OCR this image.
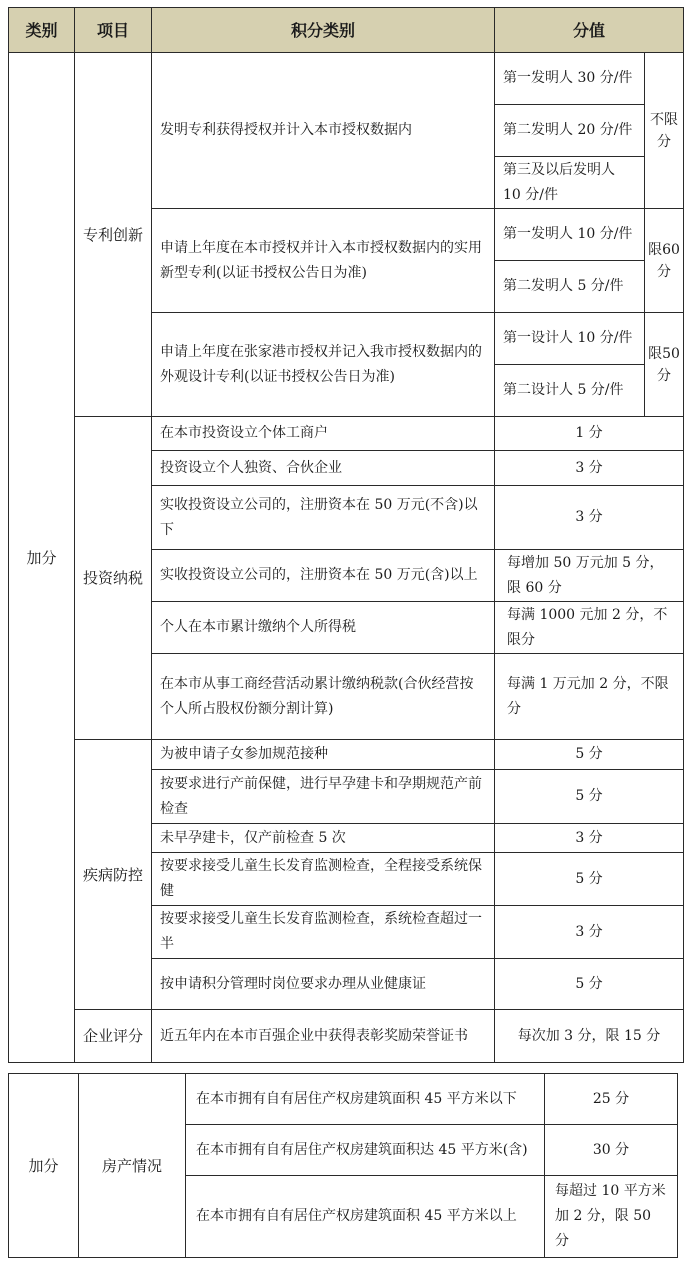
类别	项目	积分类别	分值	
加分	专利创新	发明专利获得授权并计入本市授权数据内	第一发明人 30 分/件	不限分

			第二发明人 20 分/件	
			第三及以后发明人 10 分/件	
		申请上年度在本市授权并计入本市授权数据内的实用新型专利(以证书授权公告日为准)	第一发明人 10 分/件	限60分

			第二发明人 5 分/件	
		申请上年度在张家港市授权并记入我市授权数据内的外观设计专利(以证书授权公告日为准)	第一设计人 10 分/件	限50分

			第二设计人 5 分/件	
	投资纳税	在本市投资设立个体工商户	1 分	
		投资设立个人独资、合伙企业	3 分	
		实收投资设立公司的，注册资本在 50 万元(不含)以下	3 分	
		实收投资设立公司的，注册资本在 50 万元(含)以上	每增加 50 万元加 5 分，限 60 分	
		个人在本市累计缴纳个人所得税	每满 1000 元加 2 分，不限分	
		在本市从事工商经营活动累计缴纳税款(合伙经营按个人所占股权份额分割计算)	每满 1 万元加 2 分，不限分	
	疾病防控	为被申请子女参加规范接种	5 分	
		按要求进行产前保健，进行早孕建卡和孕期规范产前检查	5 分	
		未早孕建卡，仅产前检查 5 次	3 分	
		按要求接受儿童生长发育监测检查，全程接受系统保健	5 分	
		按要求接受儿童生长发育监测检查，系统检查超过一半	3 分	
		按申请积分管理时岗位要求办理从业健康证	5 分	
	企业评分	近五年内在本市百强企业中获得表彰奖励荣誉证书	每次加 3 分，限 15 分	
加分	房产情况	在本市拥有自有居住产权房建筑面积 45 平方米以下	25 分
		在本市拥有自有居住产权房建筑面积达 45 平方米(含)	30 分
		在本市拥有自有居住产权房建筑面积 45 平方米以上	每超过 10 平方米加 2 分，限 50 分
